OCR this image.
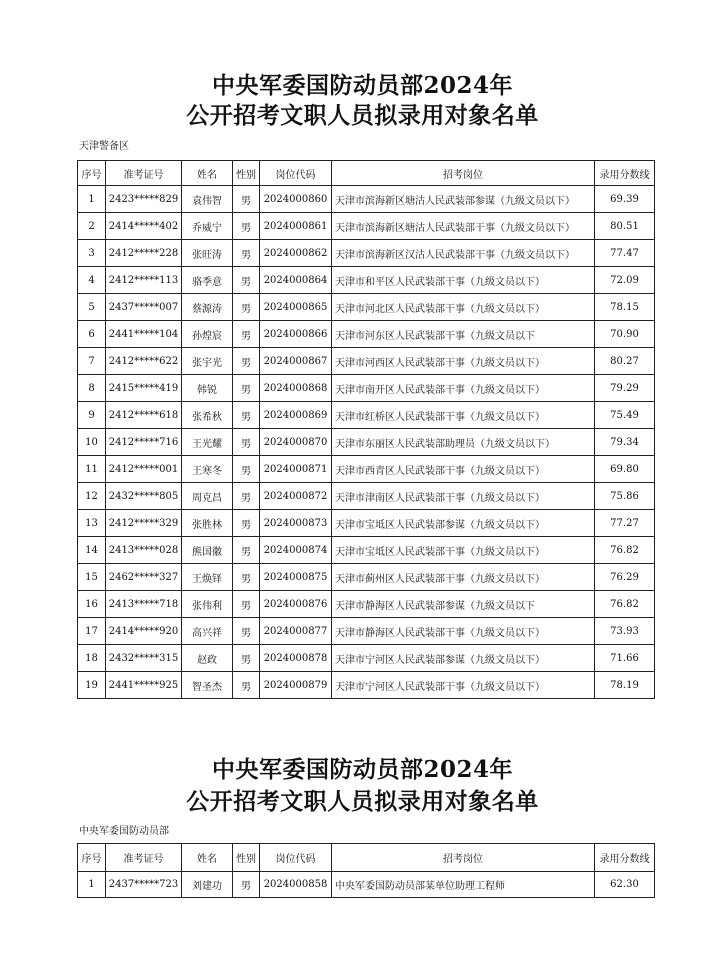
中央军委国防动员部2024年
公开招考文职人员拟录用对象名单
天津警备区
序号	准考证号	姓名	性别	岗位代码	招考岗位	录用分数线
1	2423*****829	袁伟智	男	2024000860	天津市滨海新区塘沽人民武装部参谋（九级文员以下）	69.39
2	2414*****402	乔威宁	男	2024000861	天津市滨海新区塘沽人民武装部干事（九级文员以下）	80.51
3	2412*****228	张旺涛	男	2024000862	天津市滨海新区汉沽人民武装部干事（九级文员以下）	77.47
4	2412*****113	骆季意	男	2024000864	天津市和平区人民武装部干事（九级文员以下）	72.09
5	2437*****007	蔡源涛	男	2024000865	天津市河北区人民武装部干事（九级文员以下）	78.15
6	2441*****104	孙煌宸	男	2024000866	天津市河东区人民武装部干事（九级文员以下	70.90
7	2412*****622	张宇光	男	2024000867	天津市河西区人民武装部干事（九级文员以下）	80.27
8	2415*****419	韩锐	男	2024000868	天津市南开区人民武装部干事（九级文员以下）	79.29
9	2412*****618	张希秋	男	2024000869	天津市红桥区人民武装部干事（九级文员以下）	75.49
10	2412*****716	王光耀	男	2024000870	天津市东丽区人民武装部助理员（九级文员以下）	79.34
11	2412*****001	王寒冬	男	2024000871	天津市西青区人民武装部干事（九级文员以下）	69.80
12	2432*****805	周克昌	男	2024000872	天津市津南区人民武装部干事（九级文员以下）	75.86
13	2412*****329	张胜林	男	2024000873	天津市宝坻区人民武装部参谋（九级文员以下）	77.27
14	2413*****028	熊国徽	男	2024000874	天津市宝坻区人民武装部干事（九级文员以下）	76.82
15	2462*****327	王焕铎	男	2024000875	天津市蓟州区人民武装部干事（九级文员以下）	76.29
16	2413*****718	张伟利	男	2024000876	天津市静海区人民武装部参谋（九级文员以下	76.82
17	2414*****920	高兴祥	男	2024000877	天津市静海区人民武装部干事（九级文员以下）	73.93
18	2432*****315	赵政	男	2024000878	天津市宁河区人民武装部参谋（九级文员以下）	71.66
19	2441*****925	智圣杰	男	2024000879	天津市宁河区人民武装部干事（九级文员以下）	78.19
中央军委国防动员部2024年
公开招考文职人员拟录用对象名单
中央军委国防动员部
序号	准考证号	姓名	性别	岗位代码	招考岗位	录用分数线
1	2437*****723	刘建功	男	2024000858	中央军委国防动员部某单位助理工程师	62.30
